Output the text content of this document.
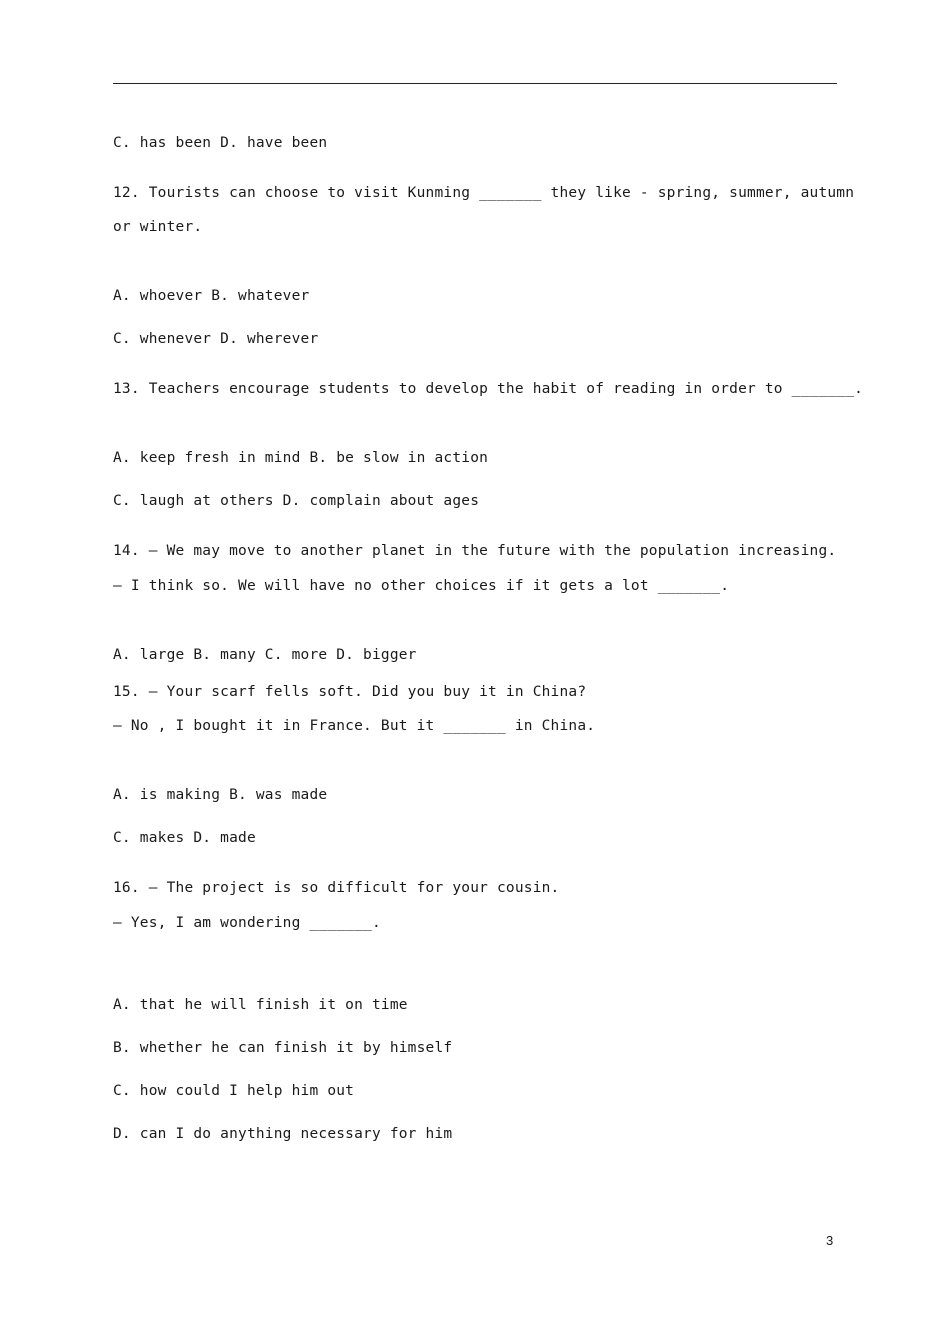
C. has been D. have been
12. Tourists can choose to visit Kunming _______ they like - spring, summer, autumn
or winter.
A. whoever B. whatever
C. whenever D. wherever
13. Teachers encourage students to develop the habit of reading in order to _______.
A. keep fresh in mind B. be slow in action
C. laugh at others D. complain about ages
14. — We may move to another planet in the future with the population increasing.
— I think so. We will have no other choices if it gets a lot _______.
A. large B. many C. more D. bigger
15. — Your scarf fells soft. Did you buy it in China?
— No , I bought it in France. But it _______ in China.
A. is making B. was made
C. makes D. made
16. — The project is so difficult for your cousin.
— Yes, I am wondering _______.
A. that he will finish it on time
B. whether he can finish it by himself
C. how could I help him out
D. can I do anything necessary for him
3
